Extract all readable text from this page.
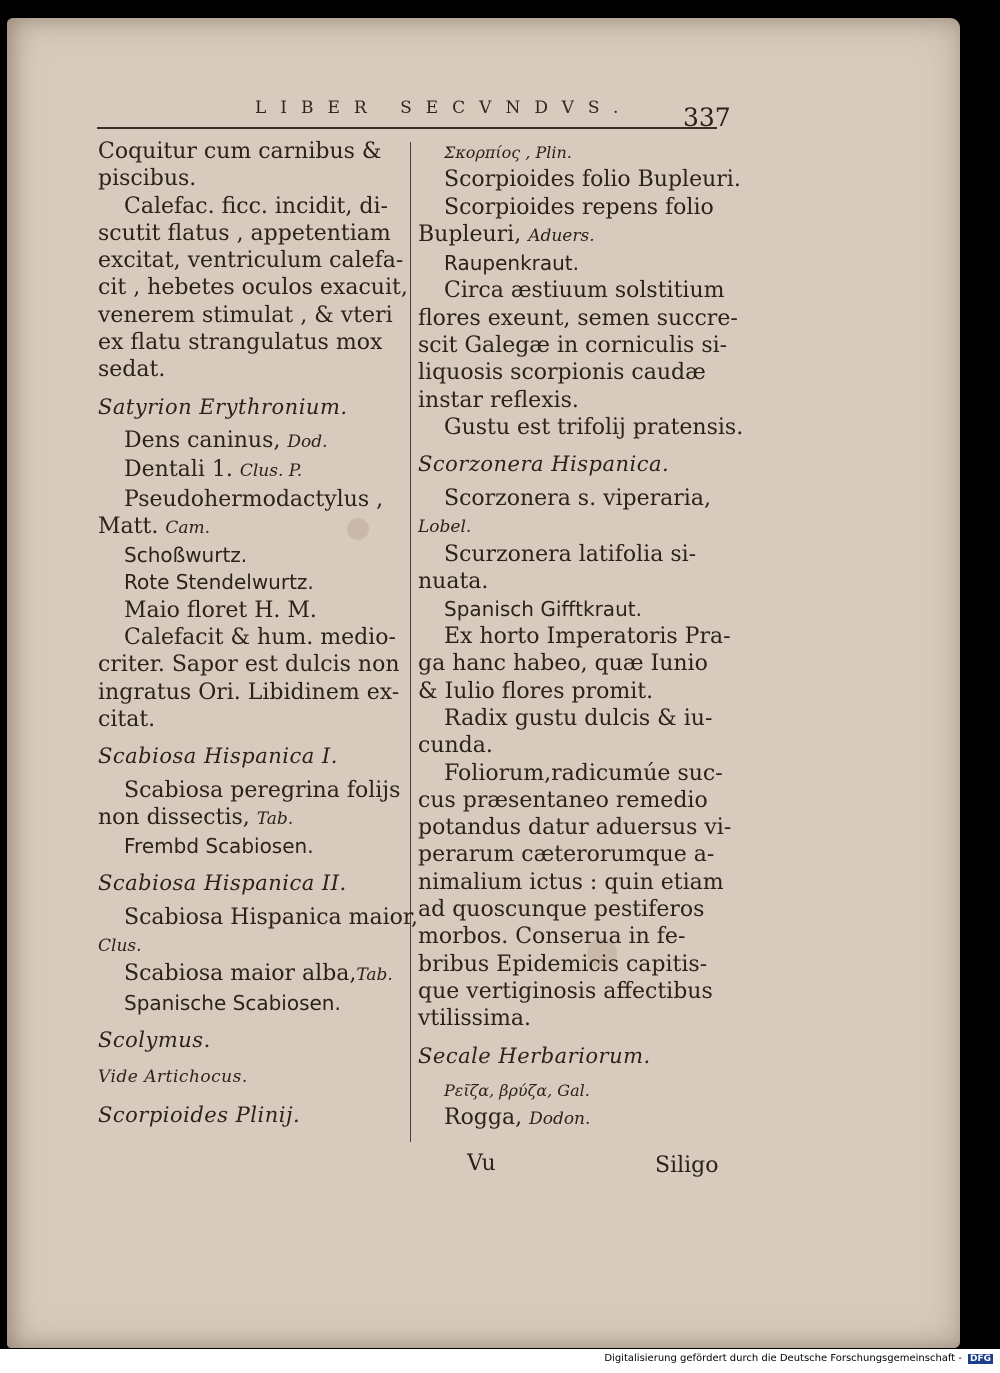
LIBER SECVNDVS. 337

Coquitur cum carnibus &

piscibus.

Calefac. ficc. incidit, di-

scutit flatus , appetentiam

excitat, ventriculum calefa-

cit , hebetes oculos exacuit,

venerem stimulat , & vteri

ex flatu strangulatus mox

sedat.

Satyrion Erythronium.

Dens caninus, Dod.

Dentali 1. Clus. P.

Pseudohermodactylus ,

Matt. Cam.

Schoßwurtz.

Rote Stendelwurtz.

Maio floret H. M.

Calefacit & hum. medio-

criter. Sapor est dulcis non

ingratus Ori. Libidinem ex-

citat.

Scabiosa Hispanica I.

Scabiosa peregrina folijs

non dissectis, Tab.

Frembd Scabiosen.

Scabiosa Hispanica II.

Scabiosa Hispanica maior,

Clus.

Scabiosa maior alba,Tab.

Spanische Scabiosen.

Scolymus.

Vide Artichocus.

Scorpioides Plinij.

Σκορπίος , Plin.

Scorpioides folio Bupleuri.

Scorpioides repens folio

Bupleuri, Aduers.

Raupenkraut.

Circa æstiuum solstitium

flores exeunt, semen succre-

scit Galegæ in corniculis si-

liquosis scorpionis caudæ

instar reflexis.

Gustu est trifolij pratensis.

Scorzonera Hispanica.

Scorzonera s. viperaria,

Lobel.

Scurzonera latifolia si-

nuata.

Spanisch Gifftkraut.

Ex horto Imperatoris Pra-

ga hanc habeo, quæ Iunio

& Iulio flores promit.

Radix gustu dulcis & iu-

cunda.

Foliorum,radicumúe suc-

cus præsentaneo remedio

potandus datur aduersus vi-

perarum cæterorumque a-

nimalium ictus : quin etiam

ad quoscunque pestiferos

morbos. Conserua in fe-

bribus Epidemicis capitis-

que vertiginosis affectibus

vtilissima.

Secale Herbariorum.

Ρεῖζα, βρύζα, Gal.

Rogga, Dodon.

Vu	Siligo
Digitalisierung gefördert durch die Deutsche Forschungsgemeinschaft - DFG
